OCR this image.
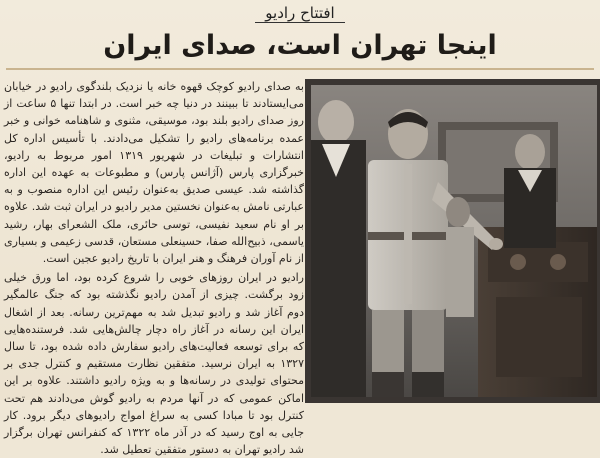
افتتاح رادیو
اینجا تهران است، صدای ایران

به صدای رادیو کوچک قهوه خانه یا نزدیک بلندگوی رادیو در خیابان می‌ایستادند تا ببینند در دنیا چه خبر است. در ابتدا تنها ۵ ساعت از روز صدای رادیو بلند بود، موسیقی، مثنوی و شاهنامه خوانی و خبر عمده برنامه‌های رادیو را تشکیل می‌دادند. با تأسیس اداره کل انتشارات و تبلیغات در شهریور ۱۳۱۹ امور مربوط به رادیو، خبرگزاری پارس (آژانس پارس) و مطبوعات به عهده این اداره گذاشته شد. عیسی صدیق به‌عنوان رئیس این اداره منصوب و به عبارتی نامش به‌عنوان نخستین مدیر رادیو در ایران ثبت شد. علاوه بر او نام سعید نفیسی، توسی حائری، ملک الشعرای بهار، رشید یاسمی، ذبیح‌الله صفا، حسینعلی مستعان، قدسی زعیمی و بسیاری از نام آوران فرهنگ و هنر ایران با تاریخ رادیو عجین است.

رادیو در ایران روزهای خوبی را شروع کرده بود، اما ورق خیلی زود برگشت. چیزی از آمدن رادیو نگذشته بود که جنگ عالمگیر دوم آغاز شد و رادیو تبدیل شد به مهم‌ترین رسانه. بعد از اشغال ایران این رسانه در آغاز راه دچار چالش‌هایی شد. فرستنده‌هایی که برای توسعه فعالیت‌های رادیو سفارش داده شده بود، تا سال ۱۳۲۷ به ایران نرسید. متفقین نظارت مستقیم و کنترل جدی بر محتوای تولیدی در رسانه‌ها و به ویژه رادیو داشتند. علاوه بر این اماکن عمومی که در آنها مردم به رادیو گوش می‌دادند هم تحت کنترل بود تا مبادا کسی به سراغ امواج رادیوهای دیگر برود. کار جایی به اوج رسید که در آذر ماه ۱۳۲۲ که کنفرانس تهران برگزار شد رادیو تهران به دستور متفقین تعطیل شد.
